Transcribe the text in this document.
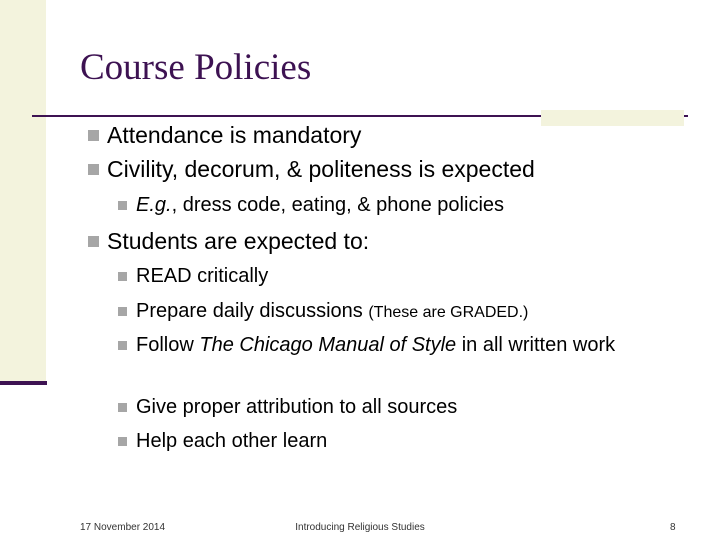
Course Policies
Attendance is mandatory
Civility, decorum, & politeness is expected
E.g., dress code, eating, & phone policies
Students are expected to:
READ critically
Prepare daily discussions (These are GRADED.)
Follow The Chicago Manual of Style in all written work
Give proper attribution to all sources
Help each other learn
17 November 2014	Introducing Religious Studies	8
